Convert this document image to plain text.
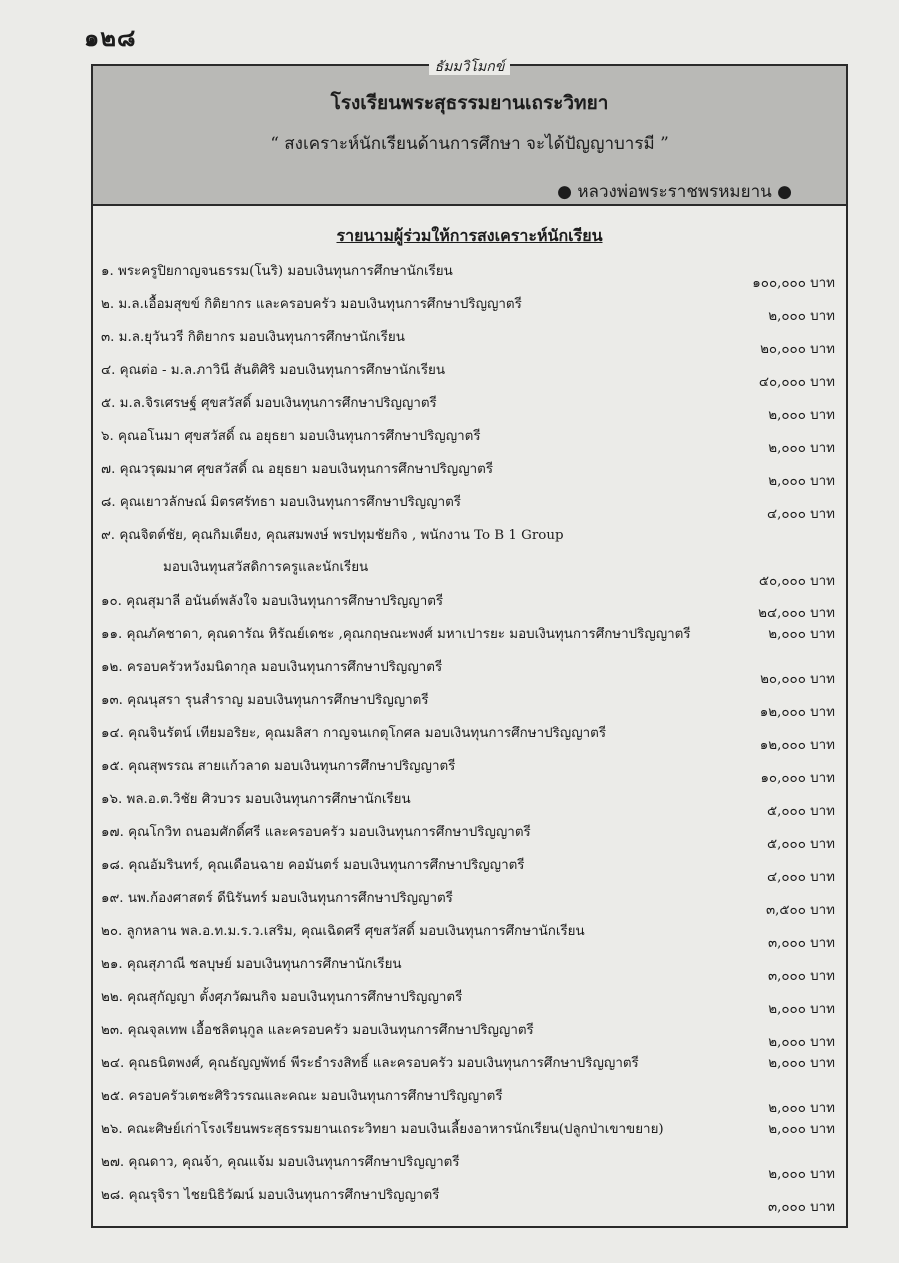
๑๒๘
ธัมมวิโมกข์
โรงเรียนพระสุธรรมยานเถระวิทยา
“ สงเคราะห์นักเรียนด้านการศึกษา จะได้ปัญญาบารมี ”
● หลวงพ่อพระราชพรหมยาน ●
รายนามผู้ร่วมให้การสงเคราะห์นักเรียน
๑. พระครูปิยกาญจนธรรม(โนริ) มอบเงินทุนการศึกษานักเรียน
๑๐๐,๐๐๐ บาท
๒. ม.ล.เอื้อมสุขข์ กิติยากร และครอบครัว มอบเงินทุนการศึกษาปริญญาตรี
๒,๐๐๐ บาท
๓. ม.ล.ยุวันวรี กิติยากร มอบเงินทุนการศึกษานักเรียน
๒๐,๐๐๐ บาท
๔. คุณต่อ - ม.ล.ภาวินี สันติศิริ มอบเงินทุนการศึกษานักเรียน
๔๐,๐๐๐ บาท
๕. ม.ล.จิรเศรษฐ์ ศุขสวัสดิ์ มอบเงินทุนการศึกษาปริญญาตรี
๒,๐๐๐ บาท
๖. คุณอโนมา ศุขสวัสดิ์ ณ อยุธยา มอบเงินทุนการศึกษาปริญญาตรี
๒,๐๐๐ บาท
๗. คุณวรุฒมาศ ศุขสวัสดิ์ ณ อยุธยา มอบเงินทุนการศึกษาปริญญาตรี
๒,๐๐๐ บาท
๘. คุณเยาวลักษณ์ มิตรศรัทธา มอบเงินทุนการศึกษาปริญญาตรี
๔,๐๐๐ บาท
๙. คุณจิตต์ชัย, คุณกิมเตียง, คุณสมพงษ์ พรปทุมชัยกิจ , พนักงาน To B 1 Group
มอบเงินทุนสวัสดิการครูและนักเรียน
๕๐,๐๐๐ บาท
๑๐. คุณสุมาลี อนันต์พลังใจ มอบเงินทุนการศึกษาปริญญาตรี
๒๔,๐๐๐ บาท
๑๑. คุณภัคชาดา, คุณดารัณ หิรัณย์เดชะ ,คุณกฤษณะพงศ์ มหาเปารยะ มอบเงินทุนการศึกษาปริญญาตรี	๒,๐๐๐ บาท
๑๒. ครอบครัวหวังมนิดากุล มอบเงินทุนการศึกษาปริญญาตรี
๒๐,๐๐๐ บาท
๑๓. คุณนุสรา รุนสำราญ มอบเงินทุนการศึกษาปริญญาตรี
๑๒,๐๐๐ บาท
๑๔. คุณจินรัตน์ เทียมอริยะ, คุณมลิสา กาญจนเกตุโกศล มอบเงินทุนการศึกษาปริญญาตรี
๑๒,๐๐๐ บาท
๑๕. คุณสุพรรณ สายแก้วลาด มอบเงินทุนการศึกษาปริญญาตรี
๑๐,๐๐๐ บาท
๑๖. พล.อ.ต.วิชัย ศิวบวร มอบเงินทุนการศึกษานักเรียน
๕,๐๐๐ บาท
๑๗. คุณโกวิท ถนอมศักดิ์ศรี และครอบครัว มอบเงินทุนการศึกษาปริญญาตรี
๕,๐๐๐ บาท
๑๘. คุณอัมรินทร์, คุณเดือนฉาย คอมันตร์ มอบเงินทุนการศึกษาปริญญาตรี
๔,๐๐๐ บาท
๑๙. นพ.ก้องศาสตร์ ดีนิรันทร์ มอบเงินทุนการศึกษาปริญญาตรี
๓,๕๐๐ บาท
๒๐. ลูกหลาน พล.อ.ท.ม.ร.ว.เสริม, คุณเฉิดศรี ศุขสวัสดิ์ มอบเงินทุนการศึกษานักเรียน
๓,๐๐๐ บาท
๒๑. คุณสุภาณี ชลบุษย์ มอบเงินทุนการศึกษานักเรียน
๓,๐๐๐ บาท
๒๒. คุณสุกัญญา ตั้งศุภวัฒนกิจ มอบเงินทุนการศึกษาปริญญาตรี
๒,๐๐๐ บาท
๒๓. คุณจุลเทพ เอื้อชลิตนุกูล และครอบครัว มอบเงินทุนการศึกษาปริญญาตรี
๒,๐๐๐ บาท
๒๔. คุณธนิตพงศ์, คุณธัญญพัทธ์ พีระธำรงสิทธิ์ และครอบครัว มอบเงินทุนการศึกษาปริญญาตรี	๒,๐๐๐ บาท
๒๕. ครอบครัวเตชะศิริวรรณและคณะ มอบเงินทุนการศึกษาปริญญาตรี
๒,๐๐๐ บาท
๒๖. คณะศิษย์เก่าโรงเรียนพระสุธรรมยานเถระวิทยา มอบเงินเลี้ยงอาหารนักเรียน(ปลูกป่าเขาขยาย)	๒,๐๐๐ บาท
๒๗. คุณดาว, คุณจ้า, คุณแจ้ม มอบเงินทุนการศึกษาปริญญาตรี
๒,๐๐๐ บาท
๒๘. คุณรุจิรา ไชยนิธิวัฒน์ มอบเงินทุนการศึกษาปริญญาตรี
๓,๐๐๐ บาท
